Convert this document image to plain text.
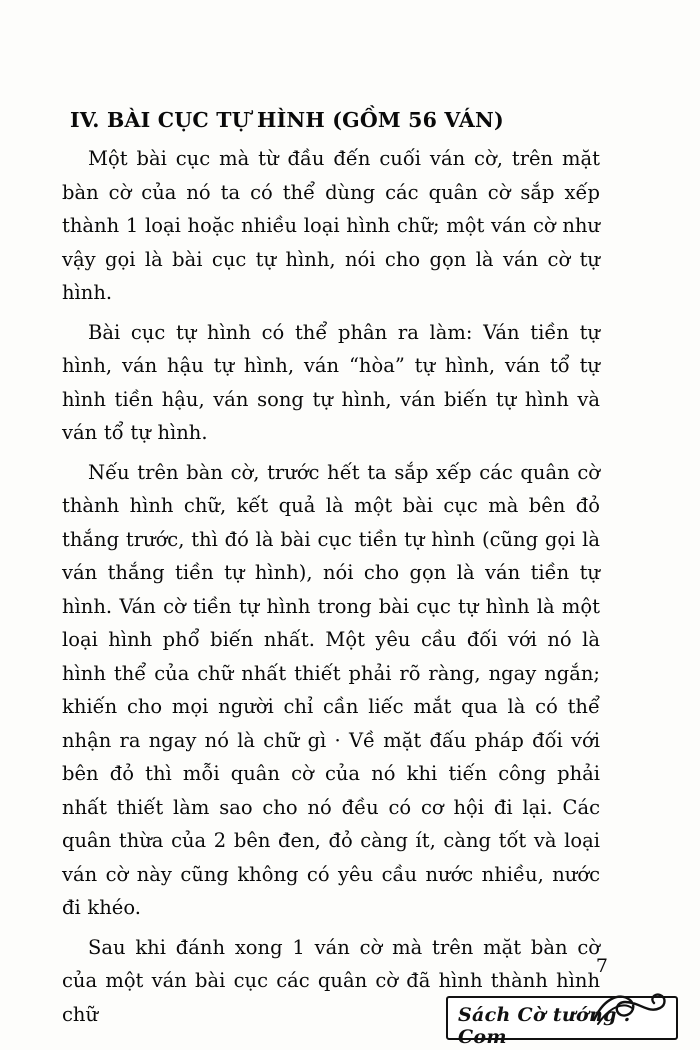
IV. BÀI CỤC TỰ HÌNH (GỒM 56 VÁN)

Một bài cục mà từ đầu đến cuối ván cờ, trên mặt bàn cờ của nó ta có thể dùng các quân cờ sắp xếp thành 1 loại hoặc nhiều loại hình chữ; một ván cờ như vậy gọi là bài cục tự hình, nói cho gọn là ván cờ tự hình.

Bài cục tự hình có thể phân ra làm: Ván tiền tự hình, ván hậu tự hình, ván “hòa” tự hình, ván tổ tự hình tiền hậu, ván song tự hình, ván biến tự hình và ván tổ tự hình.

Nếu trên bàn cờ, trước hết ta sắp xếp các quân cờ thành hình chữ, kết quả là một bài cục mà bên đỏ thắng trước, thì đó là bài cục tiền tự hình (cũng gọi là ván thắng tiền tự hình), nói cho gọn là ván tiền tự hình. Ván cờ tiền tự hình trong bài cục tự hình là một loại hình phổ biến nhất. Một yêu cầu đối với nó là hình thể của chữ nhất thiết phải rõ ràng, ngay ngắn; khiến cho mọi người chỉ cần liếc mắt qua là có thể nhận ra ngay nó là chữ gì · Về mặt đấu pháp đối với bên đỏ thì mỗi quân cờ của nó khi tiến công phải nhất thiết làm sao cho nó đều có cơ hội đi lại. Các quân thừa của 2 bên đen, đỏ càng ít, càng tốt và loại ván cờ này cũng không có yêu cầu nước nhiều, nước đi khéo.

Sau khi đánh xong 1 ván cờ mà trên mặt bàn cờ của một ván bài cục các quân cờ đã hình thành hình chữ

7
Sách Cờ tướng . Com
